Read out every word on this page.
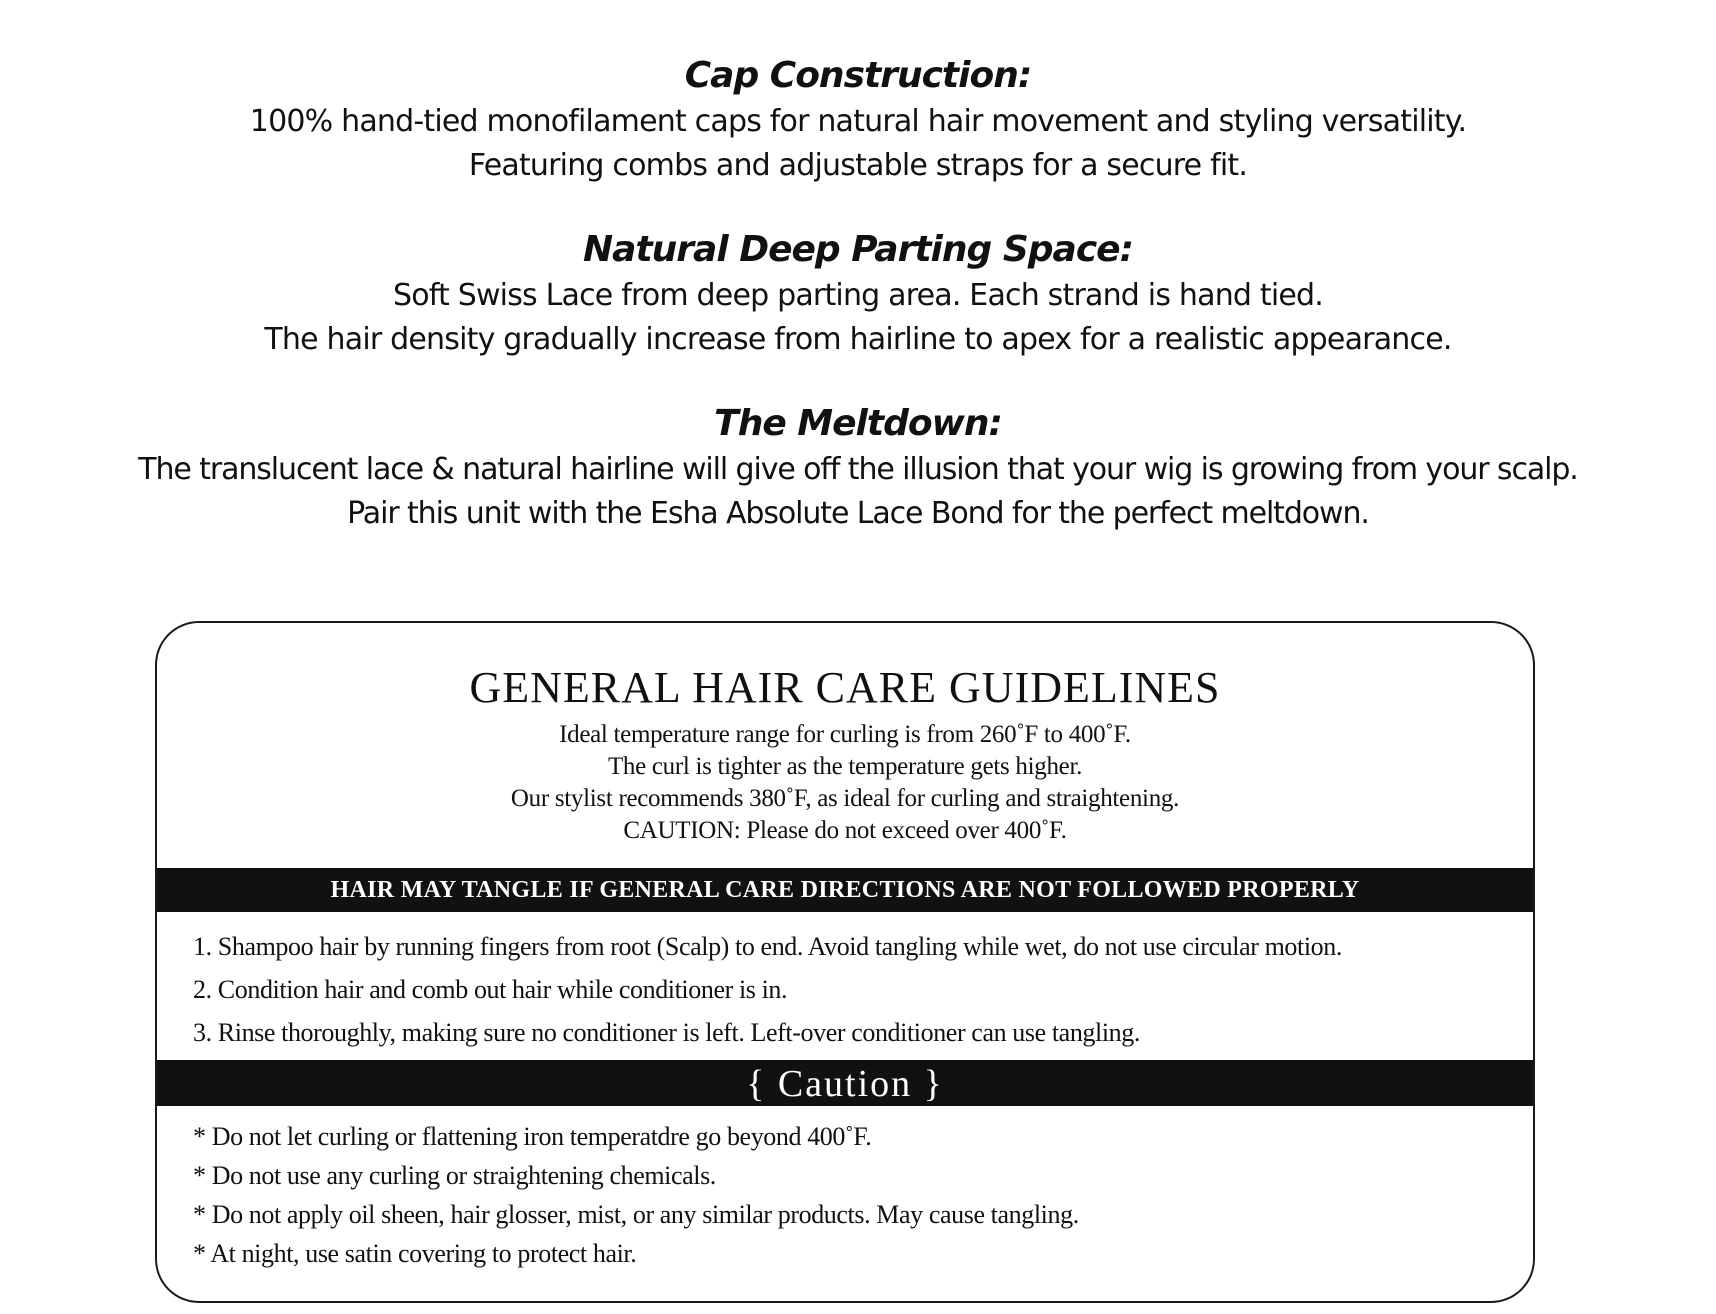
Cap Construction:

100% hand-tied monofilament caps for natural hair movement and styling versatility.

Featuring combs and adjustable straps for a secure fit.

Natural Deep Parting Space:

Soft Swiss Lace from deep parting area. Each strand is hand tied.

The hair density gradually increase from hairline to apex for a realistic appearance.

The Meltdown:

The translucent lace & natural hairline will give off the illusion that your wig is growing from your scalp.

Pair this unit with the Esha Absolute Lace Bond for the perfect meltdown.

GENERAL HAIR CARE GUIDELINES

Ideal temperature range for curling is from 260˚F to 400˚F.

The curl is tighter as the temperature gets higher.

Our stylist recommends 380˚F, as ideal for curling and straightening.

CAUTION: Please do not exceed over 400˚F.

HAIR MAY TANGLE IF GENERAL CARE DIRECTIONS ARE NOT FOLLOWED PROPERLY
1. Shampoo hair by running fingers from root (Scalp) to end. Avoid tangling while wet, do not use circular motion.
2. Condition hair and comb out hair while conditioner is in.
3. Rinse thoroughly, making sure no conditioner is left. Left-over conditioner can use tangling.
{ Caution }
* Do not let curling or flattening iron temperatdre go beyond 400˚F.
* Do not use any curling or straightening chemicals.
* Do not apply oil sheen, hair glosser, mist, or any similar products. May cause tangling.
* At night, use satin covering to protect hair.
